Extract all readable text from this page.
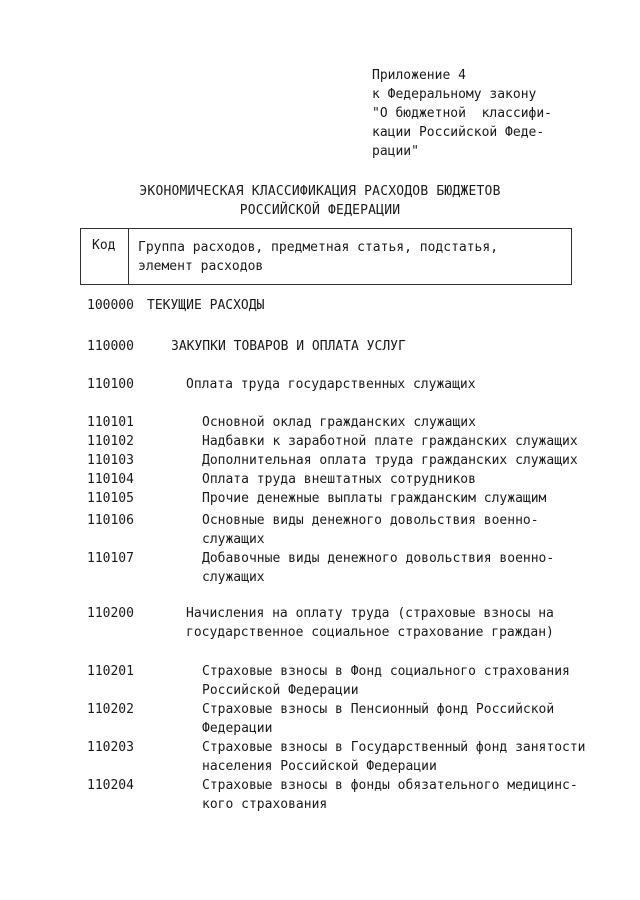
Приложение 4
к Федеральному закону
"О бюджетной  классифи-
кации Российской Феде-
рации"
ЭКОНОМИЧЕСКАЯ КЛАССИФИКАЦИЯ РАСХОДОВ БЮДЖЕТОВ
РОССИЙСКОЙ ФЕДЕРАЦИИ
Код Группа расходов, предметная статья, подстатья,
элемент расходов
100000 ТЕКУЩИЕ РАСХОДЫ
110000	ЗАКУПКИ ТОВАРОВ И ОПЛАТА УСЛУГ
110100	Оплата труда государственных служащих
110101	Основной оклад гражданских служащих
110102	Надбавки к заработной плате гражданских служащих
110103	Дополнительная оплата труда гражданских служащих
110104	Оплата труда внештатных сотрудников
110105	Прочие денежные выплаты гражданским служащим
110106	Основные виды денежного довольствия военно-
служащих
110107	Добавочные виды денежного довольствия военно-
служащих
110200	Начисления на оплату труда (страховые взносы на
государственное социальное страхование граждан)
110201	Страховые взносы в Фонд социального страхования
Российской Федерации
110202	Страховые взносы в Пенсионный фонд Российской
Федерации
110203	Страховые взносы в Государственный фонд занятости
населения Российской Федерации
110204	Страховые взносы в фонды обязательного медицинс-
кого страхования
